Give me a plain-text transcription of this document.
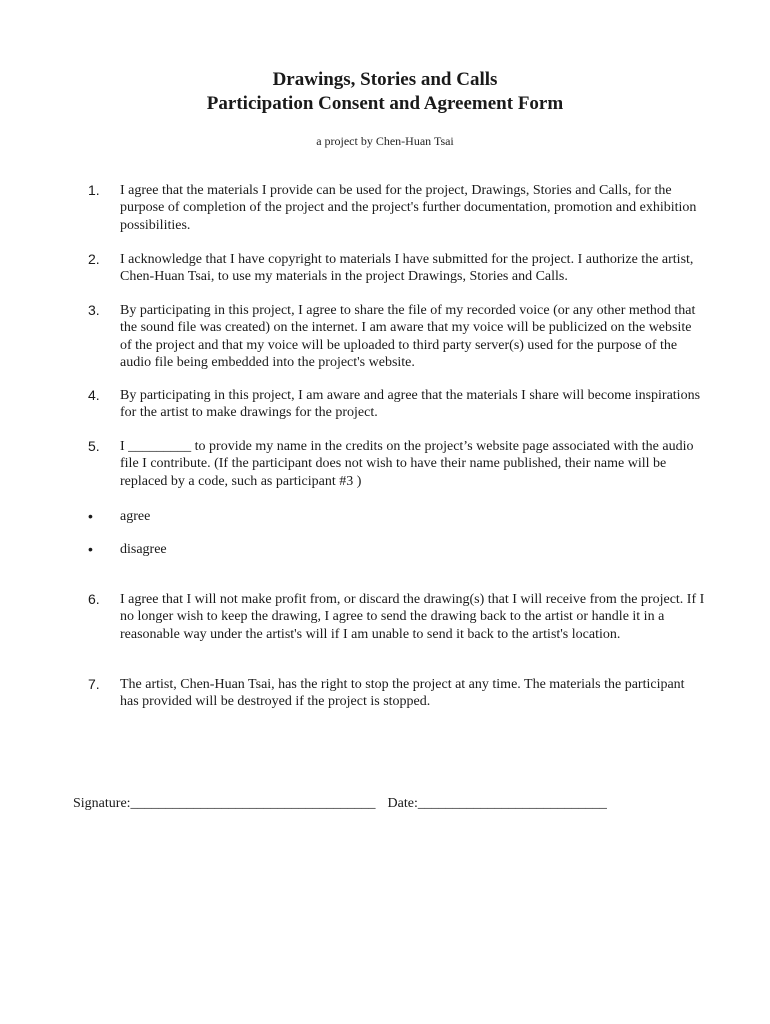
Drawings, Stories and Calls
Participation Consent and Agreement Form
a project by Chen-Huan Tsai
1. I agree that the materials I provide can be used for the project, Drawings, Stories and Calls, for the purpose of completion of the project and the project's further documentation, promotion and exhibition possibilities.
2. I acknowledge that I have copyright to materials I have submitted for the project. I authorize the artist, Chen-Huan Tsai, to use my materials in the project Drawings, Stories and Calls.
3. By participating in this project, I agree to share the file of my recorded voice (or any other method that the sound file was created) on the internet. I am aware that my voice will be publicized on the website of the project and that my voice will be uploaded to third party server(s) used for the purpose of the audio file being embedded into the project's website.
4. By participating in this project, I am aware and agree that the materials I share will become inspirations for the artist to make drawings for the project.
5. I _________ to provide my name in the credits on the project’s website page associated with the audio file I contribute. (If the participant does not wish to have their name published, their name will be replaced by a code, such as participant #3 )
• agree
• disagree
6. I agree that I will not make profit from, or discard the drawing(s) that I will receive from the project. If I no longer wish to keep the drawing, I agree to send the drawing back to the artist or handle it in a reasonable way under the artist's will if I am unable to send it back to the artist's location.
7. The artist, Chen-Huan Tsai, has the right to stop the project at any time. The materials the participant has provided will be destroyed if the project is stopped.
Signature:___________________________________ Date:___________________________
